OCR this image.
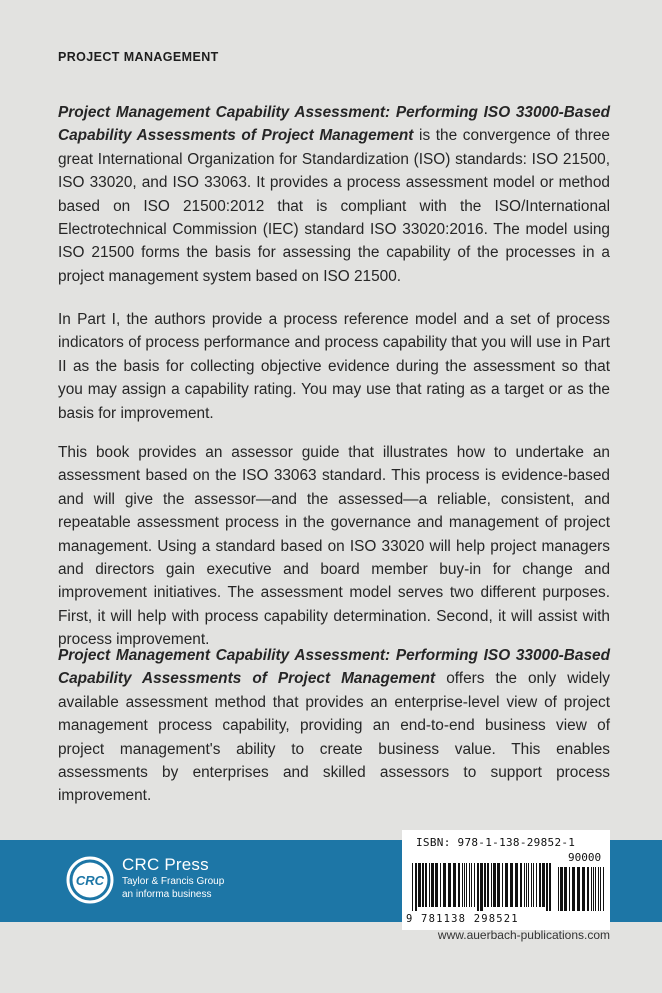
PROJECT MANAGEMENT

Project Management Capability Assessment: Performing ISO 33000-Based Capability Assessments of Project Management is the convergence of three great International Organization for Standardization (ISO) standards: ISO 21500, ISO 33020, and ISO 33063. It provides a process assessment model or method based on ISO 21500:2012 that is compliant with the ISO/International Electrotechnical Commission (IEC) standard ISO 33020:2016. The model using ISO 21500 forms the basis for assessing the capability of the processes in a project management system based on ISO 21500.

In Part I, the authors provide a process reference model and a set of process indicators of process performance and process capability that you will use in Part II as the basis for collecting objective evidence during the assessment so that you may assign a capability rating. You may use that rating as a target or as the basis for improvement.

This book provides an assessor guide that illustrates how to undertake an assessment based on the ISO 33063 standard. This process is evidence-based and will give the assessor—and the assessed—a reliable, consistent, and repeatable assessment process in the governance and management of project management. Using a standard based on ISO 33020 will help project managers and directors gain executive and board member buy-in for change and improvement initiatives. The assessment model serves two different purposes. First, it will help with process capability determination. Second, it will assist with process improvement.

Project Management Capability Assessment: Performing ISO 33000-Based Capability Assessments of Project Management offers the only widely available assessment method that provides an enterprise-level view of project management process capability, providing an end-to-end business view of project management's ability to create business value. This enables assessments by enterprises and skilled assessors to support process improvement.

CRC
CRC Press
Taylor & Francis Group
an informa business
ISBN: 978-1-138-29852-1
90000
9 781138 298521
www.auerbach-publications.com
